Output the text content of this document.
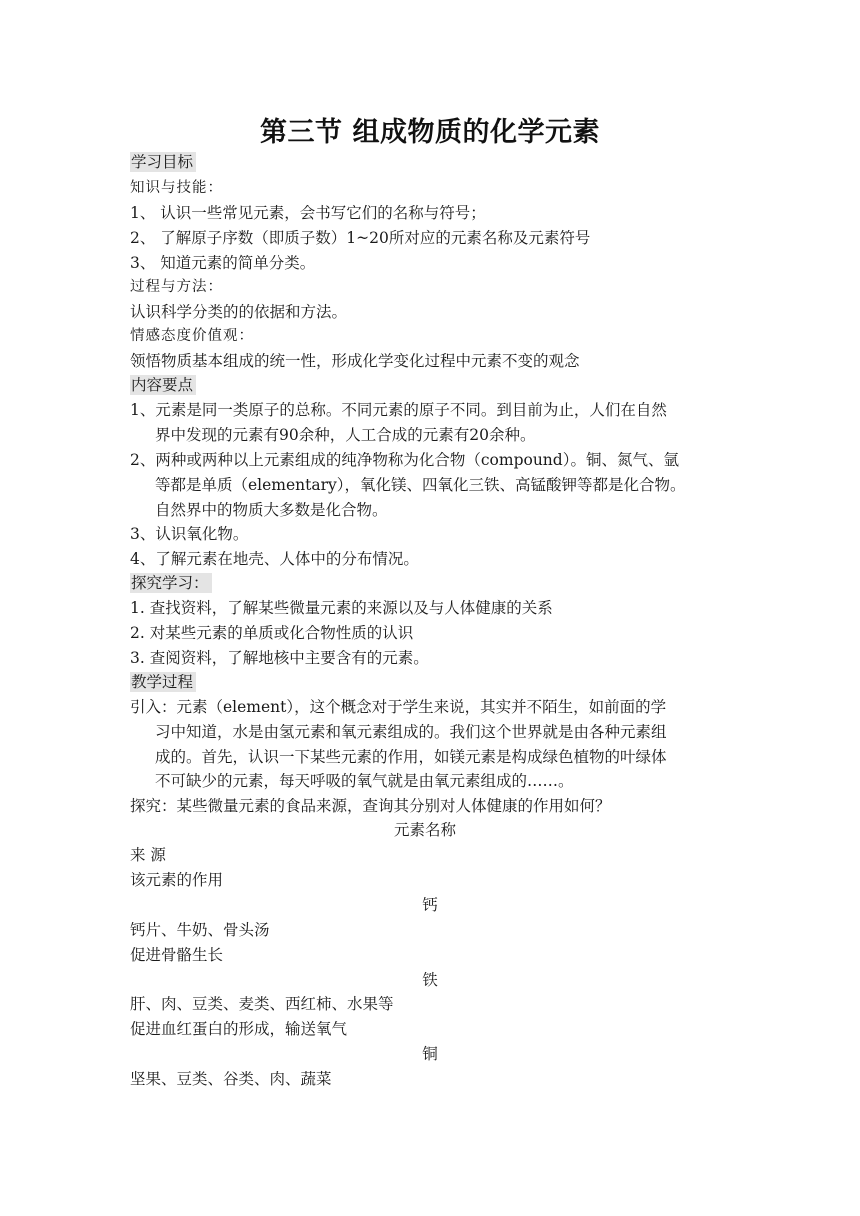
第三节 组成物质的化学元素
学习目标
知识与技能：
1、 认识一些常见元素，会书写它们的名称与符号；
2、 了解原子序数（即质子数）1~20所对应的元素名称及元素符号
3、 知道元素的简单分类。
过程与方法：
认识科学分类的的依据和方法。
情感态度价值观：
领悟物质基本组成的统一性，形成化学变化过程中元素不变的观念
内容要点
1、元素是同一类原子的总称。不同元素的原子不同。到目前为止，人们在自然
界中发现的元素有90余种，人工合成的元素有20余种。
2、两种或两种以上元素组成的纯净物称为化合物（compound）。铜、氮气、氩
等都是单质（elementary），氧化镁、四氧化三铁、高锰酸钾等都是化合物。
自然界中的物质大多数是化合物。
3、认识氧化物。
4、了解元素在地壳、人体中的分布情况。
探究学习：
1. 查找资料，了解某些微量元素的来源以及与人体健康的关系
2. 对某些元素的单质或化合物性质的认识
3. 查阅资料，了解地核中主要含有的元素。
教学过程
引入：元素（element），这个概念对于学生来说，其实并不陌生，如前面的学
习中知道，水是由氢元素和氧元素组成的。我们这个世界就是由各种元素组
成的。首先，认识一下某些元素的作用，如镁元素是构成绿色植物的叶绿体
不可缺少的元素，每天呼吸的氧气就是由氧元素组成的……。
探究：某些微量元素的食品来源，查询其分别对人体健康的作用如何？
元素名称
来 源
该元素的作用
钙
钙片、牛奶、骨头汤
促进骨骼生长
铁
肝、肉、豆类、麦类、西红柿、水果等
促进血红蛋白的形成，输送氧气
铜
坚果、豆类、谷类、肉、蔬菜
